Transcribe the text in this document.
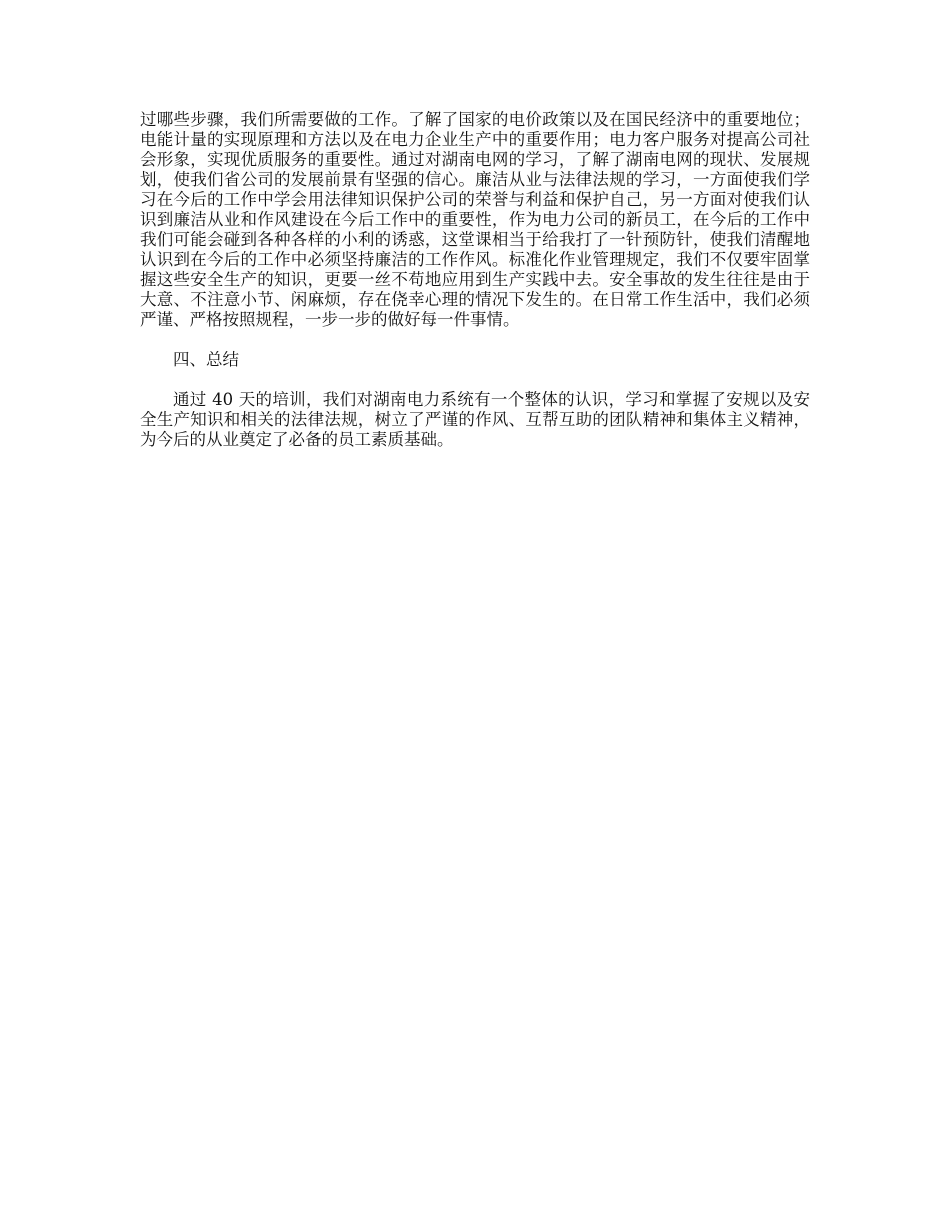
过哪些步骤，我们所需要做的工作。了解了国家的电价政策以及在国民经济中的重要地位；电能计量的实现原理和方法以及在电力企业生产中的重要作用；电力客户服务对提高公司社会形象，实现优质服务的重要性。通过对湖南电网的学习，了解了湖南电网的现状、发展规划，使我们省公司的发展前景有坚强的信心。廉洁从业与法律法规的学习，一方面使我们学习在今后的工作中学会用法律知识保护公司的荣誉与利益和保护自己，另一方面对使我们认识到廉洁从业和作风建设在今后工作中的重要性，作为电力公司的新员工，在今后的工作中我们可能会碰到各种各样的小利的诱惑，这堂课相当于给我打了一针预防针，使我们清醒地认识到在今后的工作中必须坚持廉洁的工作作风。标准化作业管理规定，我们不仅要牢固掌握这些安全生产的知识，更要一丝不苟地应用到生产实践中去。安全事故的发生往往是由于大意、不注意小节、闲麻烦，存在侥幸心理的情况下发生的。在日常工作生活中，我们必须严谨、严格按照规程，一步一步的做好每一件事情。

四、总结

通过 40 天的培训，我们对湖南电力系统有一个整体的认识，学习和掌握了安规以及安全生产知识和相关的法律法规，树立了严谨的作风、互帮互助的团队精神和集体主义精神，为今后的从业奠定了必备的员工素质基础。
